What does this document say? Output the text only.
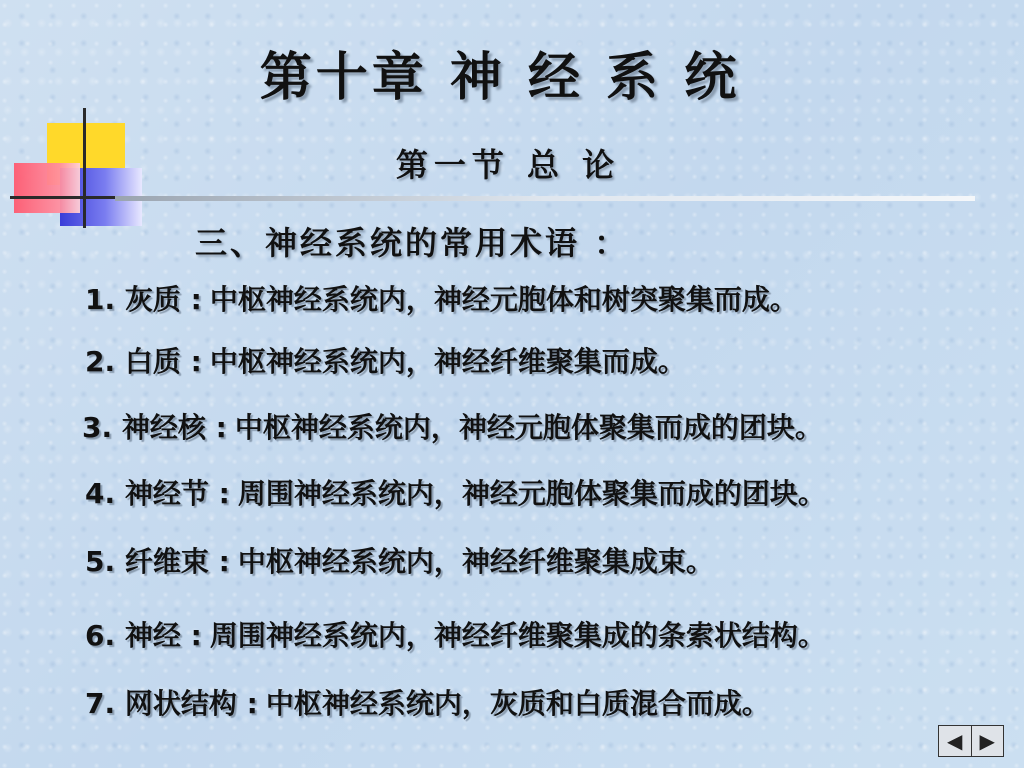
第十章 神 经 系 统
第一节 总 论
三、神经系统的常用术语 ：
1. 灰质 : 中枢神经系统内，神经元胞体和树突聚集而成。
2. 白质 : 中枢神经系统内，神经纤维聚集而成。
3. 神经核 : 中枢神经系统内，神经元胞体聚集而成的团块。
4. 神经节 : 周围神经系统内，神经元胞体聚集而成的团块。
5. 纤维束 : 中枢神经系统内，神经纤维聚集成束。
6. 神经 : 周围神经系统内，神经纤维聚集成的条索状结构。
7. 网状结构 : 中枢神经系统内，灰质和白质混合而成。
◀ ▶
